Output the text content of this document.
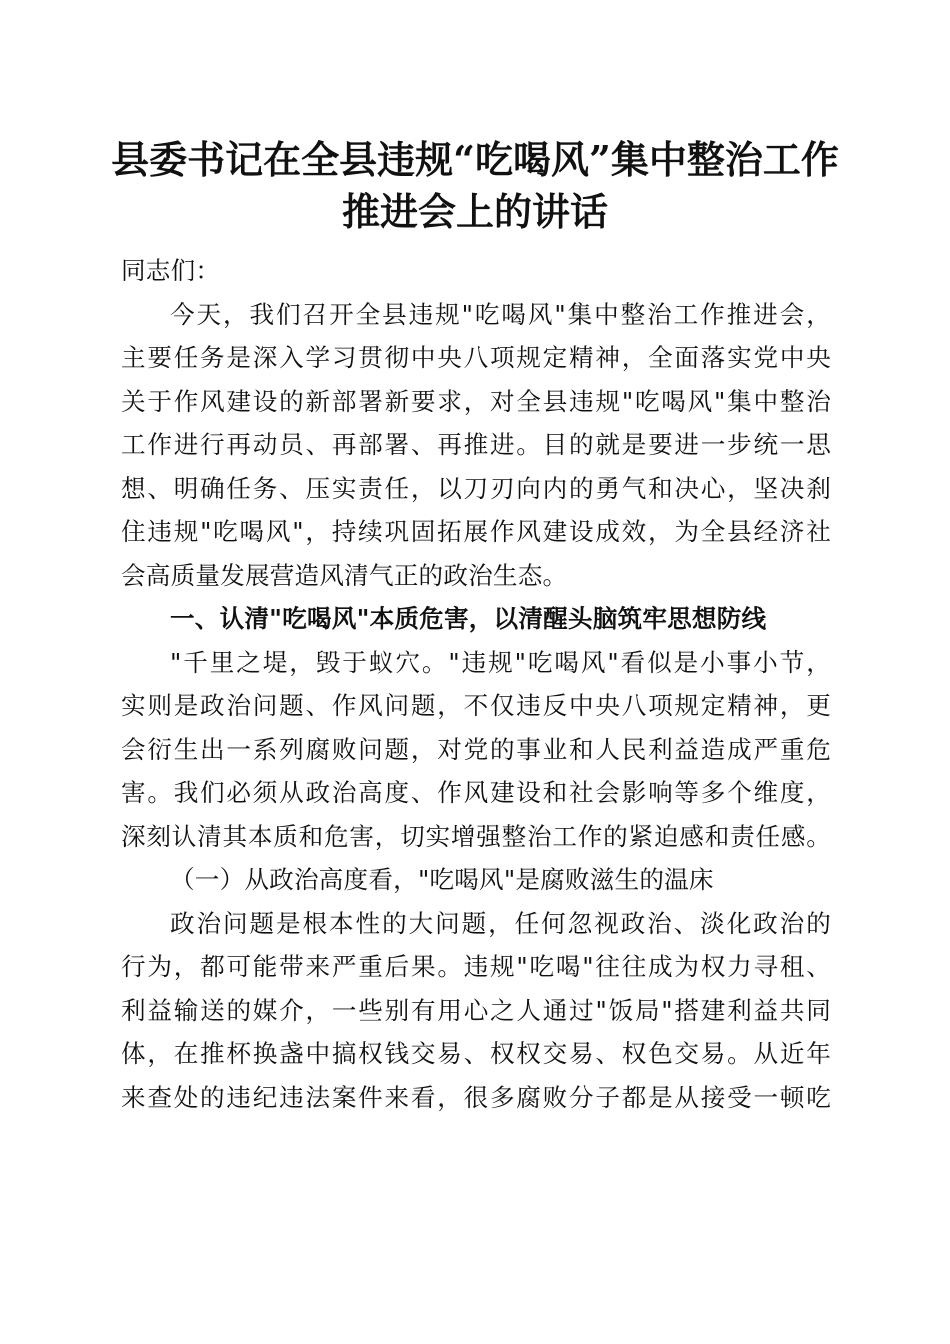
县委书记在全县违规“吃喝风”集中整治工作
推进会上的讲话
同志们：
今天，我们召开全县违规"吃喝风"集中整治工作推进会，
主要任务是深入学习贯彻中央八项规定精神，全面落实党中央
关于作风建设的新部署新要求，对全县违规"吃喝风"集中整治
工作进行再动员、再部署、再推进。目的就是要进一步统一思
想、明确任务、压实责任，以刀刃向内的勇气和决心，坚决刹
住违规"吃喝风"，持续巩固拓展作风建设成效，为全县经济社
会高质量发展营造风清气正的政治生态。
一、认清"吃喝风"本质危害，以清醒头脑筑牢思想防线
"千里之堤，毁于蚁穴。"违规"吃喝风"看似是小事小节，
实则是政治问题、作风问题，不仅违反中央八项规定精神，更
会衍生出一系列腐败问题，对党的事业和人民利益造成严重危
害。我们必须从政治高度、作风建设和社会影响等多个维度，
深刻认清其本质和危害，切实增强整治工作的紧迫感和责任感。
（一）从政治高度看，"吃喝风"是腐败滋生的温床
政治问题是根本性的大问题，任何忽视政治、淡化政治的
行为，都可能带来严重后果。违规"吃喝"往往成为权力寻租、
利益输送的媒介，一些别有用心之人通过"饭局"搭建利益共同
体，在推杯换盏中搞权钱交易、权权交易、权色交易。从近年
来查处的违纪违法案件来看，很多腐败分子都是从接受一顿吃
